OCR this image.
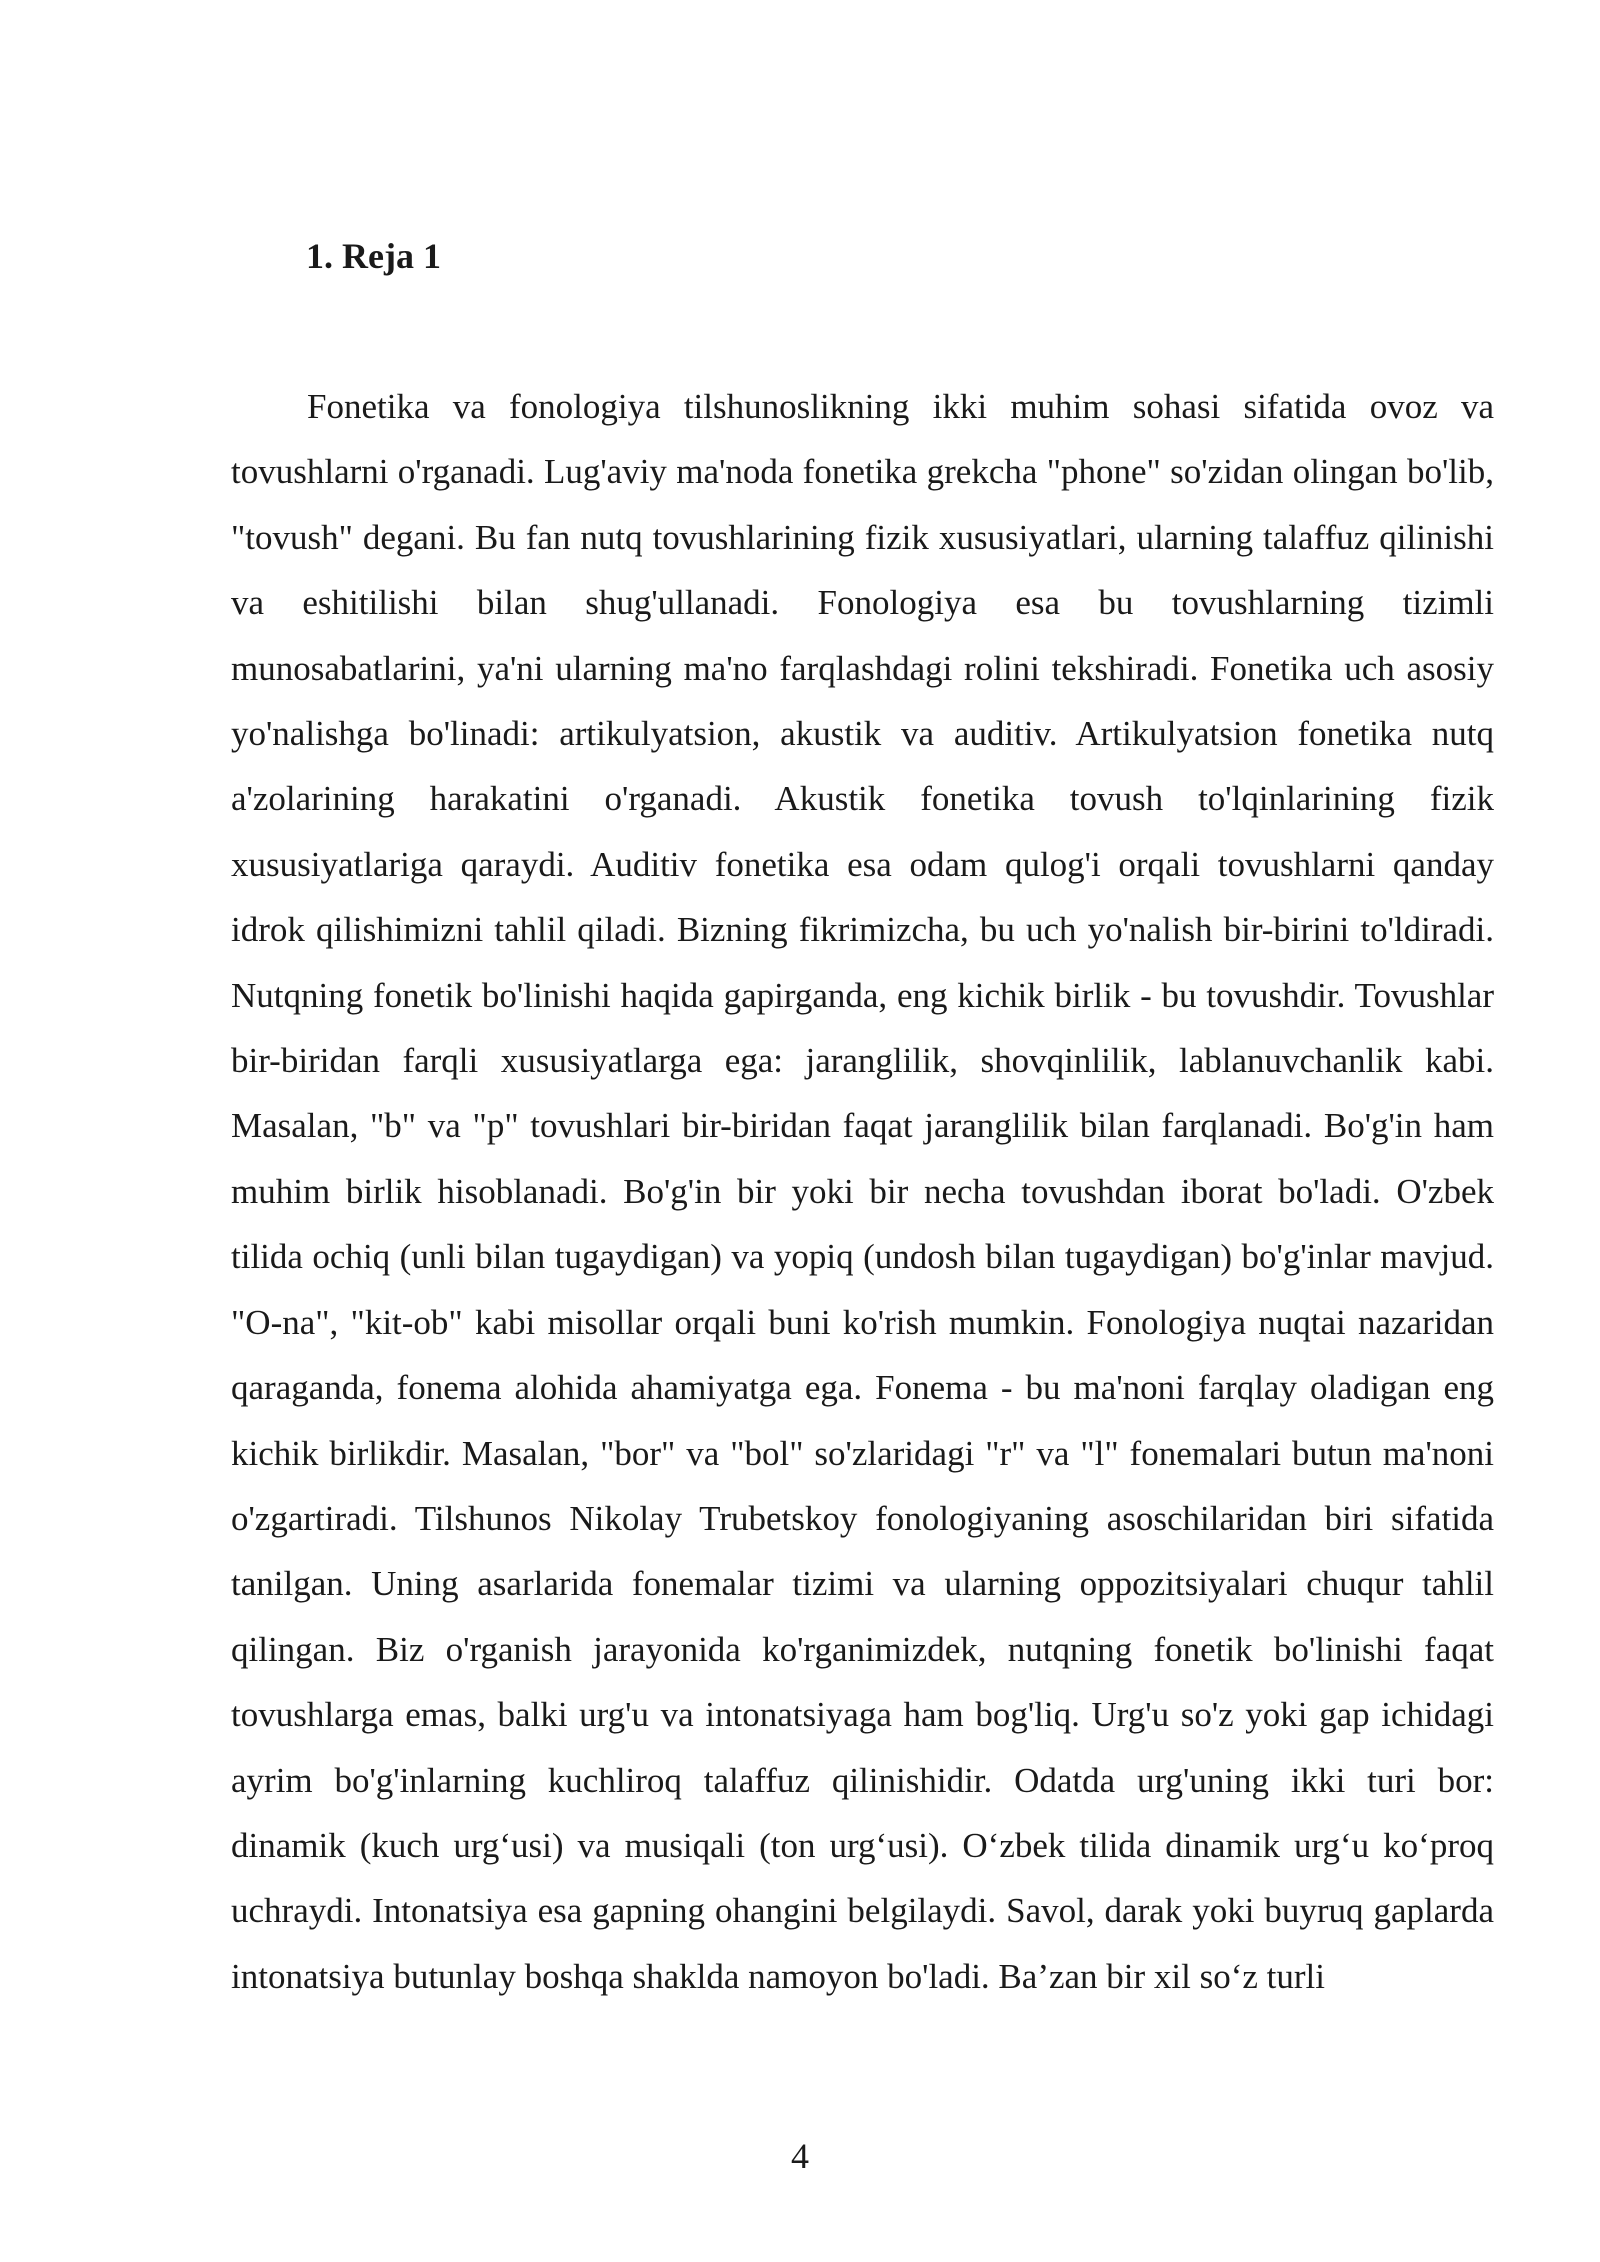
1. Reja 1

Fonetika va fonologiya tilshunoslikning ikki muhim sohasi sifatida ovoz va tovushlarni o'rganadi. Lug'aviy ma'noda fonetika grekcha "phone" so'zidan olingan bo'lib, "tovush" degani. Bu fan nutq tovushlarining fizik xususiyatlari, ularning talaffuz qilinishi va eshitilishi bilan shug'ullanadi. Fonologiya esa bu tovushlarning tizimli munosabatlarini, ya'ni ularning ma'no farqlashdagi rolini tekshiradi. Fonetika uch asosiy yo'nalishga bo'linadi: artikulyatsion, akustik va auditiv. Artikulyatsion fonetika nutq a'zolarining harakatini o'rganadi. Akustik fonetika tovush to'lqinlarining fizik xususiyatlariga qaraydi. Auditiv fonetika esa odam qulog'i orqali tovushlarni qanday idrok qilishimizni tahlil qiladi. Bizning fikrimizcha, bu uch yo'nalish bir-birini to'ldiradi. Nutqning fonetik bo'linishi haqida gapirganda, eng kichik birlik - bu tovushdir. Tovushlar bir-biridan farqli xususiyatlarga ega: jaranglilik, shovqinlilik, lablanuvchanlik kabi. Masalan, "b" va "p" tovushlari bir-biridan faqat jaranglilik bilan farqlanadi. Bo'g'in ham muhim birlik hisoblanadi. Bo'g'in bir yoki bir necha tovushdan iborat bo'ladi. O'zbek tilida ochiq (unli bilan tugaydigan) va yopiq (undosh bilan tugaydigan) bo'g'inlar mavjud. "O-na", "kit-ob" kabi misollar orqali buni ko'rish mumkin. Fonologiya nuqtai nazaridan qaraganda, fonema alohida ahamiyatga ega. Fonema - bu ma'noni farqlay oladigan eng kichik birlikdir. Masalan, "bor" va "bol" so'zlaridagi "r" va "l" fonemalari butun ma'noni o'zgartiradi. Tilshunos Nikolay Trubetskoy fonologiyaning asoschilaridan biri sifatida tanilgan. Uning asarlarida fonemalar tizimi va ularning oppozitsiyalari chuqur tahlil qilingan. Biz o'rganish jarayonida ko'rganimizdek, nutqning fonetik bo'linishi faqat tovushlarga emas, balki urg'u va intonatsiyaga ham bog'liq. Urg'u so'z yoki gap ichidagi ayrim bo'g'inlarning kuchliroq talaffuz qilinishidir. Odatda urg'uning ikki turi bor: dinamik (kuch urg‘usi) va musiqali (ton urg‘usi). O‘zbek tilida dinamik urg‘u ko‘proq uchraydi. Intonatsiya esa gapning ohangini belgilaydi. Savol, darak yoki buyruq gaplarda intonatsiya butunlay boshqa shaklda namoyon bo'ladi. Ba’zan bir xil so‘z turli

4
